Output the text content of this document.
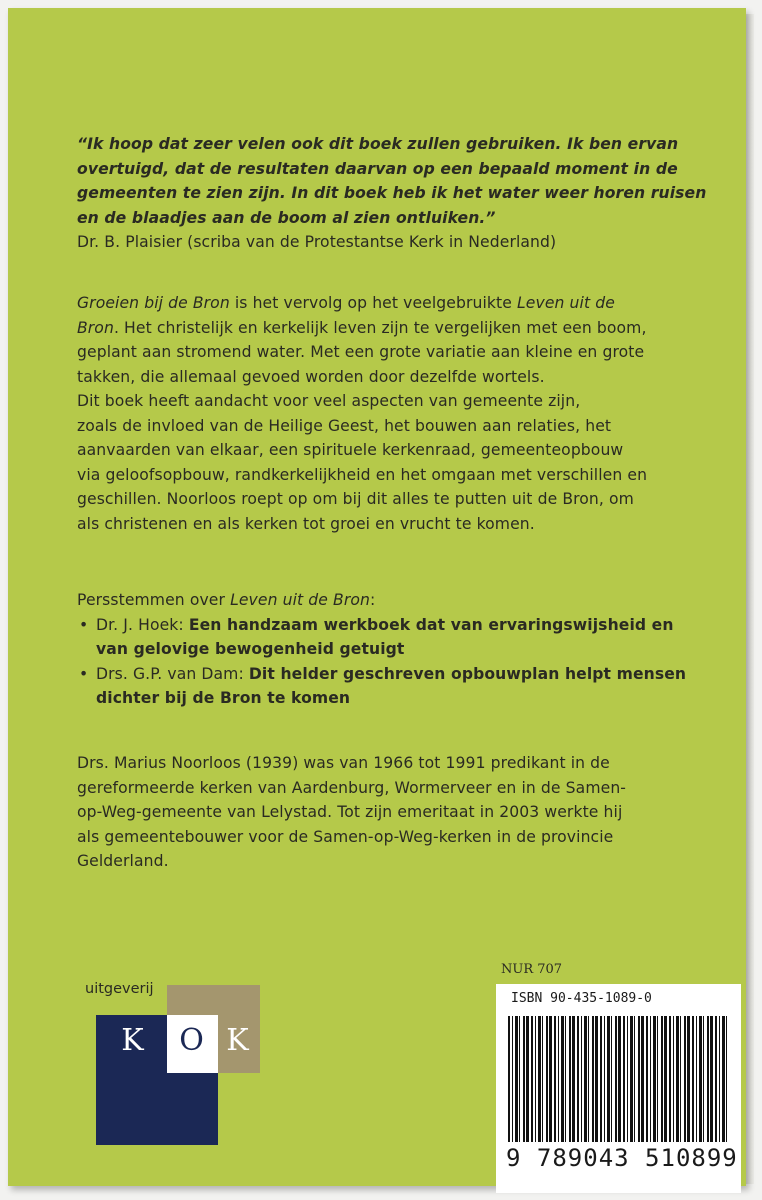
“Ik hoop dat zeer velen ook dit boek zullen gebruiken. Ik ben ervan
overtuigd, dat de resultaten daarvan op een bepaald moment in de
gemeenten te zien zijn. In dit boek heb ik het water weer horen ruisen
en de blaadjes aan de boom al zien ontluiken.”
Dr. B. Plaisier (scriba van de Protestantse Kerk in Nederland)
Groeien bij de Bron is het vervolg op het veelgebruikte Leven uit de
Bron. Het christelijk en kerkelijk leven zijn te vergelijken met een boom,
geplant aan stromend water. Met een grote variatie aan kleine en grote
takken, die allemaal gevoed worden door dezelfde wortels.
Dit boek heeft aandacht voor veel aspecten van gemeente zijn,
zoals de invloed van de Heilige Geest, het bouwen aan relaties, het
aanvaarden van elkaar, een spirituele kerkenraad, gemeenteopbouw
via geloofsopbouw, randkerkelijkheid en het omgaan met verschillen en
geschillen. Noorloos roept op om bij dit alles te putten uit de Bron, om
als christenen en als kerken tot groei en vrucht te komen.
Persstemmen over Leven uit de Bron:
• Dr. J. Hoek: Een handzaam werkboek dat van ervaringswijsheid en
van gelovige bewogenheid getuigt
• Drs. G.P. van Dam: Dit helder geschreven opbouwplan helpt mensen
dichter bij de Bron te komen
Drs. Marius Noorloos (1939) was van 1966 tot 1991 predikant in de
gereformeerde kerken van Aardenburg, Wormerveer en in de Samen-
op-Weg-gemeente van Lelystad. Tot zijn emeritaat in 2003 werkte hij
als gemeentebouwer voor de Samen-op-Weg-kerken in de provincie
Gelderland.
NUR 707
uitgeverij
K O K
ISBN 90-435-1089-0
9 789043 510899
